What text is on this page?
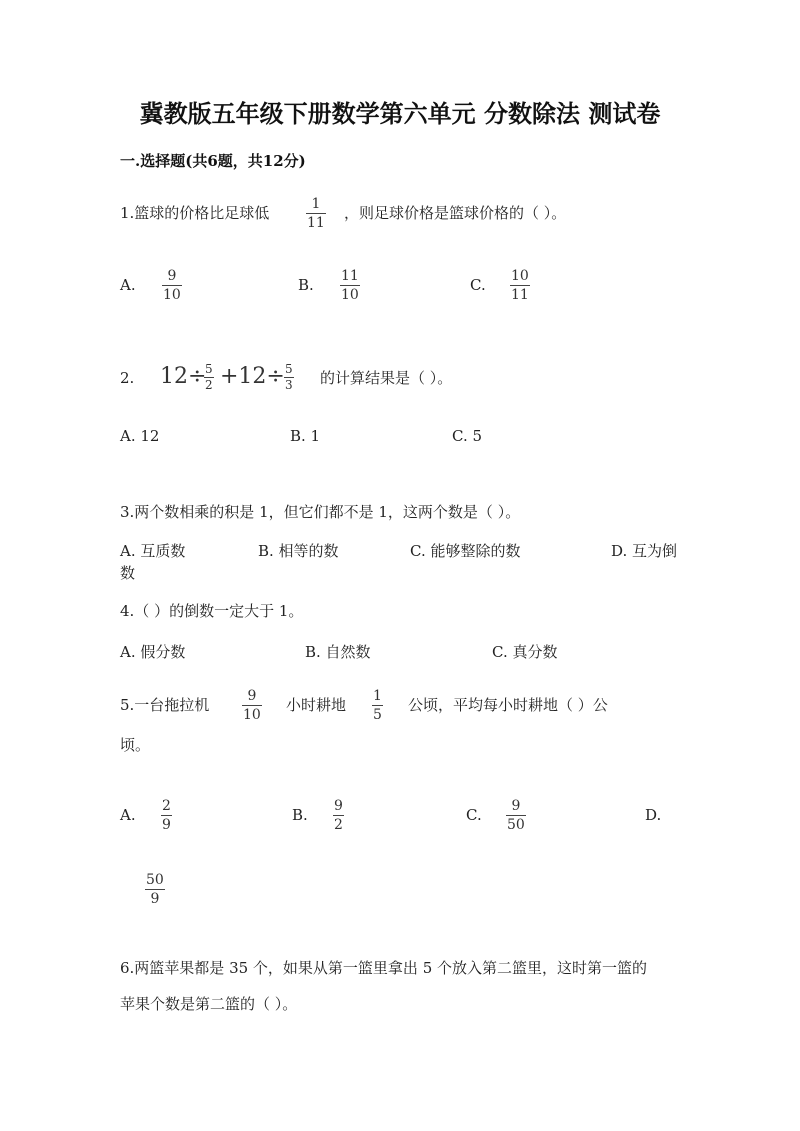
冀教版五年级下册数学第六单元 分数除法 测试卷
一.选择题(共6题，共12分)
1.篮球的价格比足球低	1
11
，则足球价格是篮球价格的（ ）。
A. 9
10
B. 11
10
C. 10
11
2. 12÷
5
2 +12÷ 5
3 的计算结果是（ ）。
A. 12	B. 1	C. 5
3.两个数相乘的积是 1，但它们都不是 1，这两个数是（ ）。
A. 互质数	B. 相等的数	C. 能够整除的数	D. 互为倒
数
4.（ ）的倒数一定大于 1。
A. 假分数	B. 自然数	C. 真分数
5.一台拖拉机	9
10
小时耕地 1
5
公顷，平均每小时耕地（ ）公
顷。
A. 2
9
B. 9
2
C. 9
50
D.
50
9
6.两篮苹果都是 35 个，如果从第一篮里拿出 5 个放入第二篮里，这时第一篮的
苹果个数是第二篮的（ ）。
